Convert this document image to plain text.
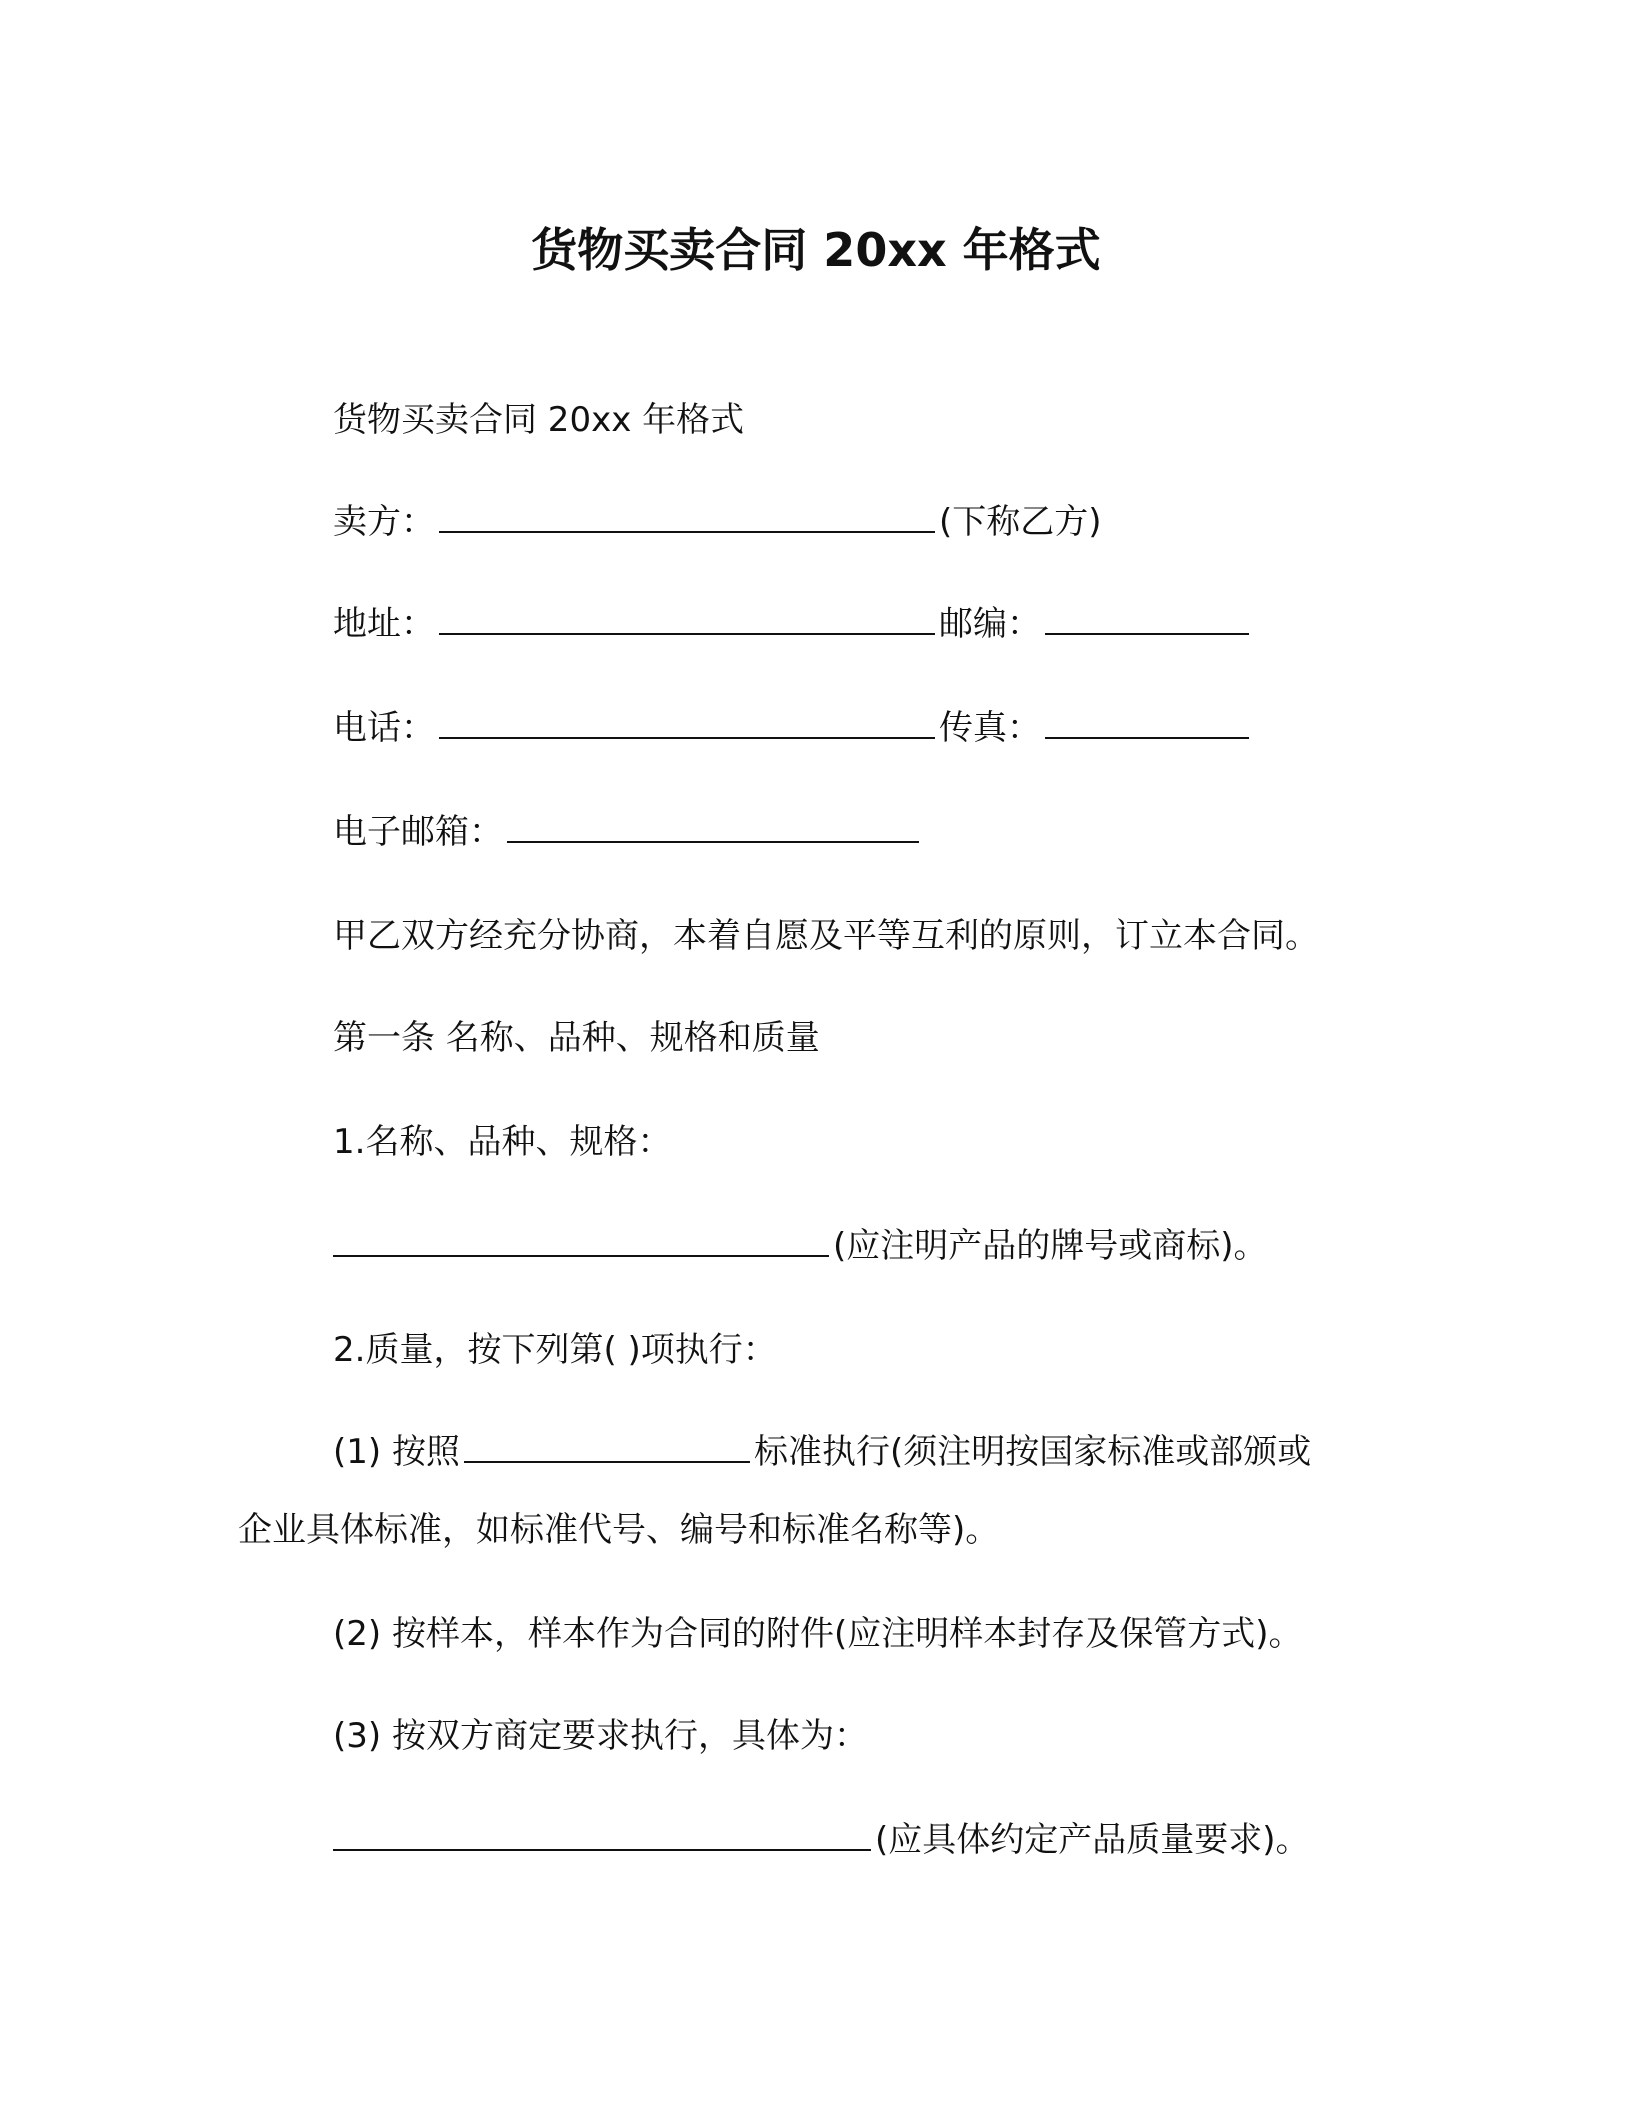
货物买卖合同 20xx 年格式
货物买卖合同 20xx 年格式
卖方：	(下称乙方)
地址：	邮编：
电话：	传真：
电子邮箱：
甲乙双方经充分协商，本着自愿及平等互利的原则，订立本合同。
第一条 名称、品种、规格和质量
1.名称、品种、规格：
(应注明产品的牌号或商标)。
2.质量，按下列第( )项执行：
(1) 按照	标准执行(须注明按国家标准或部颁或
企业具体标准，如标准代号、编号和标准名称等)。
(2) 按样本，样本作为合同的附件(应注明样本封存及保管方式)。
(3) 按双方商定要求执行，具体为：
(应具体约定产品质量要求)。
